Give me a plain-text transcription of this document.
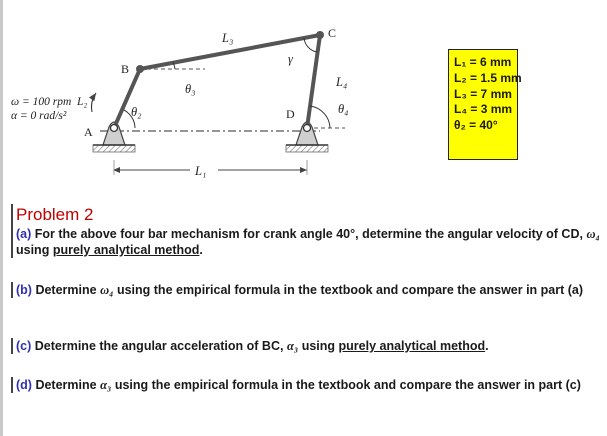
ω = 100 rpm
α = 0 rad/s²
L₂
A
B
C
D
L₃
L₄
L₁
θ₂
θ₃
θ₄
γ	L₁ = 6 mm
L₂ = 1.5 mm
L₃ = 7 mm
L₄ = 3 mm
θ₂ = 40°
Problem 2
(a) For the above four bar mechanism for crank angle 40°, determine the angular velocity of CD, ω₄ using purely analytical method.
(b) Determine ω₄ using the empirical formula in the textbook and compare the answer in part (a)
(c) Determine the angular acceleration of BC, α₃ using purely analytical method.
(d) Determine α₃ using the empirical formula in the textbook and compare the answer in part (c)
